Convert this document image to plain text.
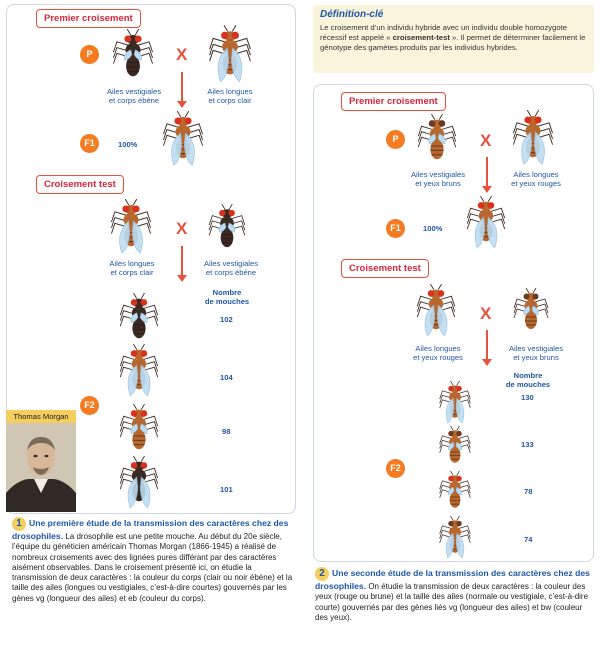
Définition-clé
Le croisement d’un individu hybride avec un individu double homozygote récessif est appelé « croisement-test ». Il permet de déterminer facilement le génotype des gamètes produits par les individus hybrides.
Premier croisement
P	X
Ailes vestigiales
et corps ébène
Ailes longues
et corps clair
F1	100%
Croisement test
X
Ailes longues
et corps clair
Ailes vestigiales
et corps ébène
Nombre
de mouches
102
104
98
101
F2
Thomas Morgan
1 Une première étude de la transmission des caractères chez des drosophiles. La drosophile est une petite mouche. Au début du 20e siècle, l’équipe du généticien américain Thomas Morgan (1866-1945) a réalisé de nombreux croisements avec des lignées pures différant par des caractères aisément observables. Dans le croisement présenté ici, on étudie la transmission de deux caractères : la couleur du corps (clair ou noir ébène) et la taille des ailes (longues ou vestigiales, c’est-à-dire courtes) gouvernés par les gènes vg (longueur des ailes) et eb (couleur du corps).
Premier croisement
P	X
Ailes vestigiales
et yeux bruns
Ailes longues
et yeux rouges
F1	100%
Croisement test
X
Ailes longues
et yeux rouges
Ailes vestigiales
et yeux bruns
Nombre
de mouches
130
133
78
74
F2
2 Une seconde étude de la transmission des caractères chez des drosophiles. On étudie la transmission de deux caractères : la couleur des yeux (rouge ou brune) et la taille des ailes (normale ou vestigiale, c’est-à-dire courte) gouvernés par des gènes liés vg (longueur des ailes) et bw (couleur des yeux).
